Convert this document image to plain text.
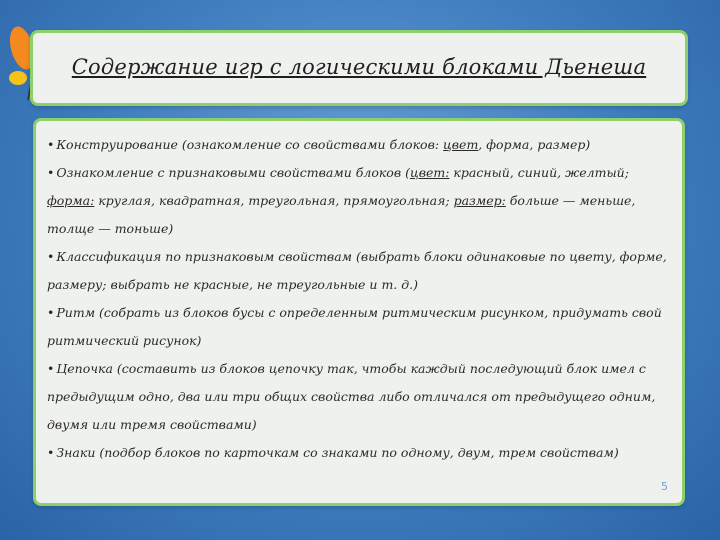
Содержание игр с логическими блоками Дьенеша

• Конструирование (ознакомление со свойствами блоков: цвет, форма, размер)

• Ознакомление с признаковыми свойствами блоков (цвет: красный, синий, желтый; форма: круглая, квадратная, треугольная, прямоугольная; размер: больше — меньше, толще — тоньше)

• Классификация по признаковым свойствам (выбрать блоки одинаковые по цвету, форме, размеру; выбрать не красные, не треугольные и т. д.)

• Ритм (собрать из блоков бусы с определенным ритмическим рисунком, придумать свой ритмический рисунок)

• Цепочка (составить из блоков цепочку так, чтобы каждый последующий блок имел с предыдущим одно, два или три общих свойства либо отличался от предыдущего одним, двумя или тремя свойствами)

• Знаки (подбор блоков по карточкам со знаками по одному, двум, трем свойствам)

5
